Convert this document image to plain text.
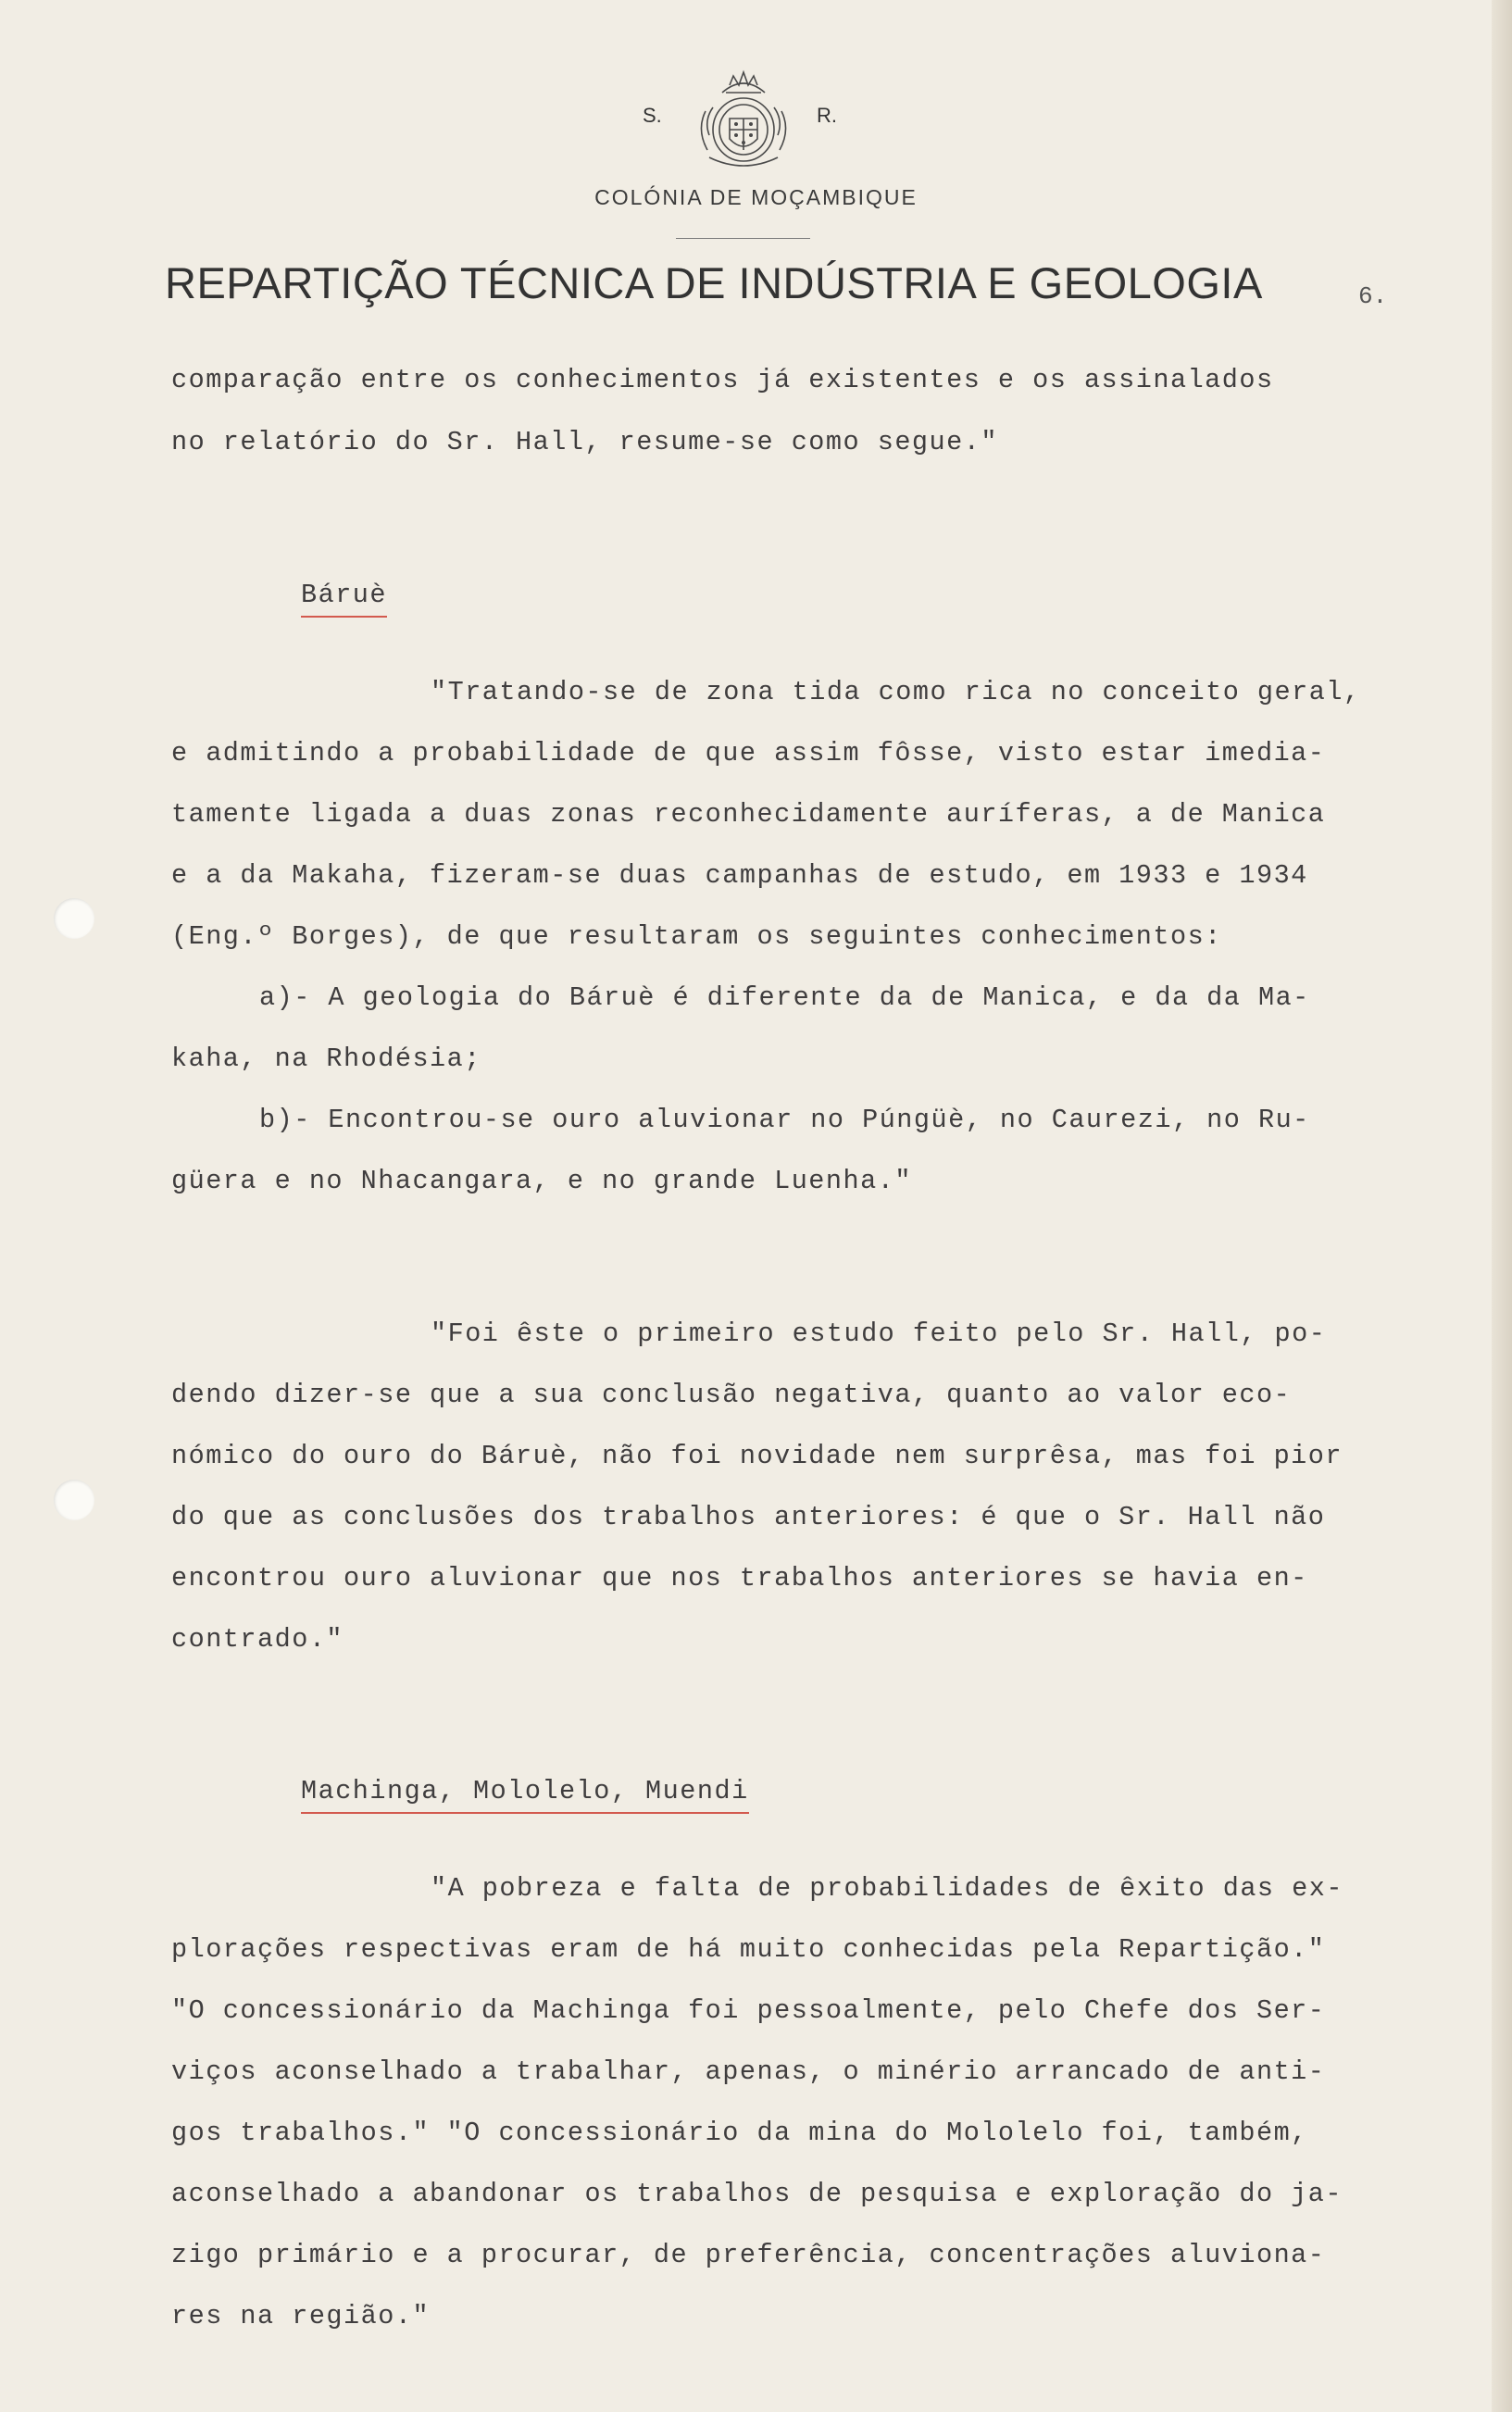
S.	R.
COLÓNIA DE MOÇAMBIQUE
REPARTIÇÃO TÉCNICA DE INDÚSTRIA E GEOLOGIA	6.
comparação entre os conhecimentos já existentes e os assinalados
no relatório do Sr. Hall, resume-se como segue."
Báruè
"Tratando-se de zona tida como rica no conceito geral,
e admitindo a probabilidade de que assim fôsse, visto estar imedia-
tamente ligada a duas zonas reconhecidamente auríferas, a de Manica
e a da Makaha, fizeram-se duas campanhas de estudo, em 1933 e 1934
(Eng.º Borges), de que resultaram os seguintes conhecimentos:
a)- A geologia do Báruè é diferente da de Manica, e da da Ma-
kaha, na Rhodésia;
b)- Encontrou-se ouro aluvionar no Púngüè, no Caurezi, no Ru-
güera e no Nhacangara, e no grande Luenha."
"Foi êste o primeiro estudo feito pelo Sr. Hall, po-
dendo dizer-se que a sua conclusão negativa, quanto ao valor eco-
nómico do ouro do Báruè, não foi novidade nem surprêsa, mas foi pior
do que as conclusões dos trabalhos anteriores: é que o Sr. Hall não
encontrou ouro aluvionar que nos trabalhos anteriores se havia en-
contrado."
Machinga, Mololelo, Muendi
"A pobreza e falta de probabilidades de êxito das ex-
plorações respectivas eram de há muito conhecidas pela Repartição."
"O concessionário da Machinga foi pessoalmente, pelo Chefe dos Ser-
viços aconselhado a trabalhar, apenas, o minério arrancado de anti-
gos trabalhos." "O concessionário da mina do Mololelo foi, também,
aconselhado a abandonar os trabalhos de pesquisa e exploração do ja-
zigo primário e a procurar, de preferência, concentrações aluviona-
res na região."
